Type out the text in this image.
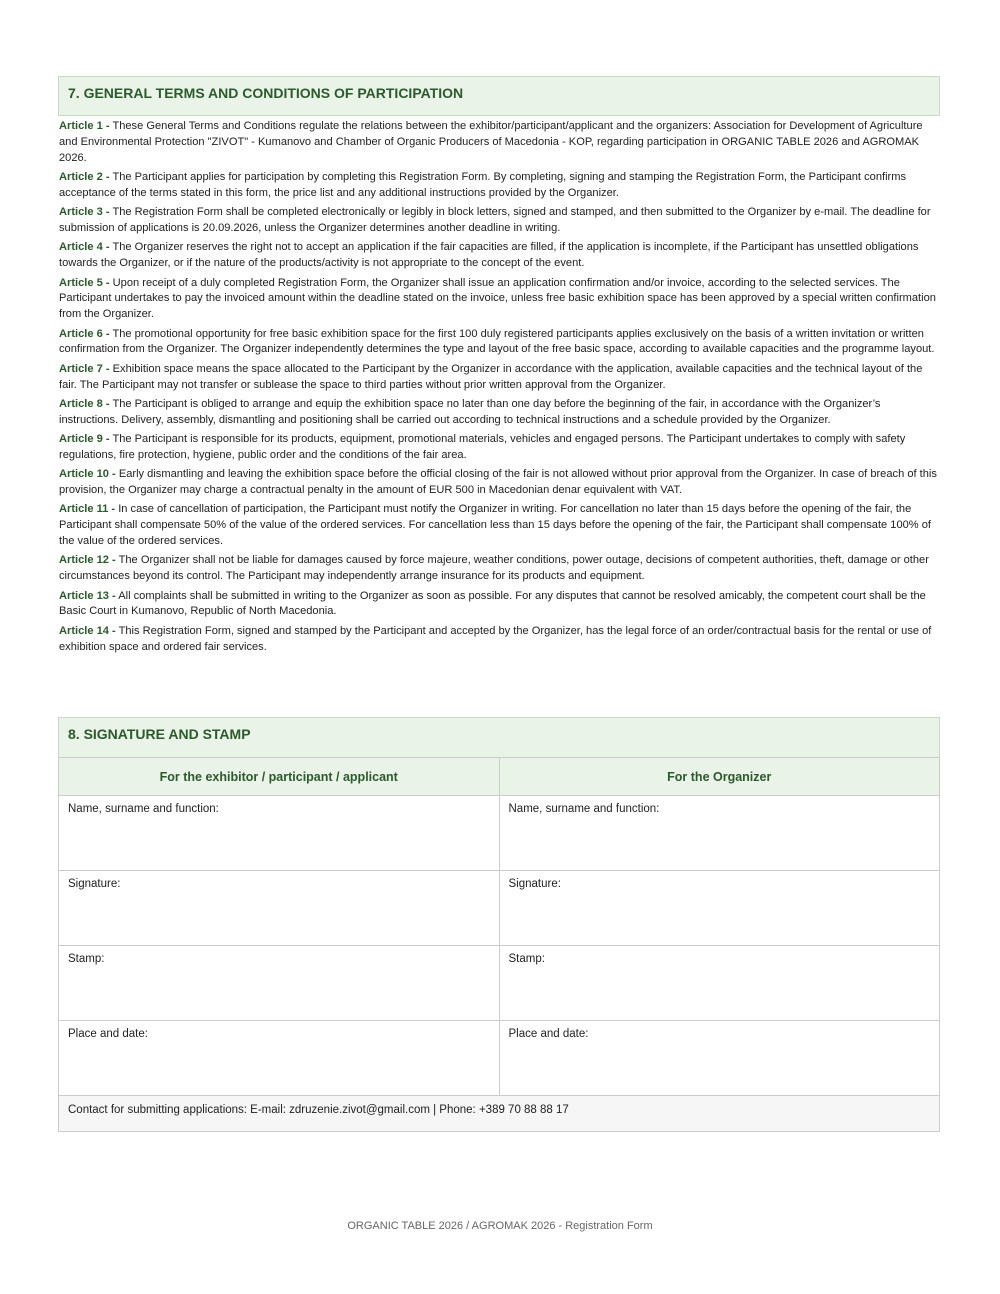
7. GENERAL TERMS AND CONDITIONS OF PARTICIPATION

Article 1 - These General Terms and Conditions regulate the relations between the exhibitor/participant/applicant and the organizers: Association for Development of Agriculture and Environmental Protection "ZIVOT" - Kumanovo and Chamber of Organic Producers of Macedonia - KOP, regarding participation in ORGANIC TABLE 2026 and AGROMAK 2026.

Article 2 - The Participant applies for participation by completing this Registration Form. By completing, signing and stamping the Registration Form, the Participant confirms acceptance of the terms stated in this form, the price list and any additional instructions provided by the Organizer.

Article 3 - The Registration Form shall be completed electronically or legibly in block letters, signed and stamped, and then submitted to the Organizer by e-mail. The deadline for submission of applications is 20.09.2026, unless the Organizer determines another deadline in writing.

Article 4 - The Organizer reserves the right not to accept an application if the fair capacities are filled, if the application is incomplete, if the Participant has unsettled obligations towards the Organizer, or if the nature of the products/activity is not appropriate to the concept of the event.

Article 5 - Upon receipt of a duly completed Registration Form, the Organizer shall issue an application confirmation and/or invoice, according to the selected services. The Participant undertakes to pay the invoiced amount within the deadline stated on the invoice, unless free basic exhibition space has been approved by a special written confirmation from the Organizer.

Article 6 - The promotional opportunity for free basic exhibition space for the first 100 duly registered participants applies exclusively on the basis of a written invitation or written confirmation from the Organizer. The Organizer independently determines the type and layout of the free basic space, according to available capacities and the programme layout.

Article 7 - Exhibition space means the space allocated to the Participant by the Organizer in accordance with the application, available capacities and the technical layout of the fair. The Participant may not transfer or sublease the space to third parties without prior written approval from the Organizer.

Article 8 - The Participant is obliged to arrange and equip the exhibition space no later than one day before the beginning of the fair, in accordance with the Organizer’s instructions. Delivery, assembly, dismantling and positioning shall be carried out according to technical instructions and a schedule provided by the Organizer.

Article 9 - The Participant is responsible for its products, equipment, promotional materials, vehicles and engaged persons. The Participant undertakes to comply with safety regulations, fire protection, hygiene, public order and the conditions of the fair area.

Article 10 - Early dismantling and leaving the exhibition space before the official closing of the fair is not allowed without prior approval from the Organizer. In case of breach of this provision, the Organizer may charge a contractual penalty in the amount of EUR 500 in Macedonian denar equivalent with VAT.

Article 11 - In case of cancellation of participation, the Participant must notify the Organizer in writing. For cancellation no later than 15 days before the opening of the fair, the Participant shall compensate 50% of the value of the ordered services. For cancellation less than 15 days before the opening of the fair, the Participant shall compensate 100% of the value of the ordered services.

Article 12 - The Organizer shall not be liable for damages caused by force majeure, weather conditions, power outage, decisions of competent authorities, theft, damage or other circumstances beyond its control. The Participant may independently arrange insurance for its products and equipment.

Article 13 - All complaints shall be submitted in writing to the Organizer as soon as possible. For any disputes that cannot be resolved amicably, the competent court shall be the Basic Court in Kumanovo, Republic of North Macedonia.

Article 14 - This Registration Form, signed and stamped by the Participant and accepted by the Organizer, has the legal force of an order/contractual basis for the rental or use of exhibition space and ordered fair services.

8. SIGNATURE AND STAMP
For the exhibitor / participant / applicant	For the Organizer
Name, surname and function:	Name, surname and function:
Signature:	Signature:
Stamp:	Stamp:
Place and date:	Place and date:
Contact for submitting applications: E-mail: zdruzenie.zivot@gmail.com | Phone: +389 70 88 88 17	
ORGANIC TABLE 2026 / AGROMAK 2026 - Registration Form
